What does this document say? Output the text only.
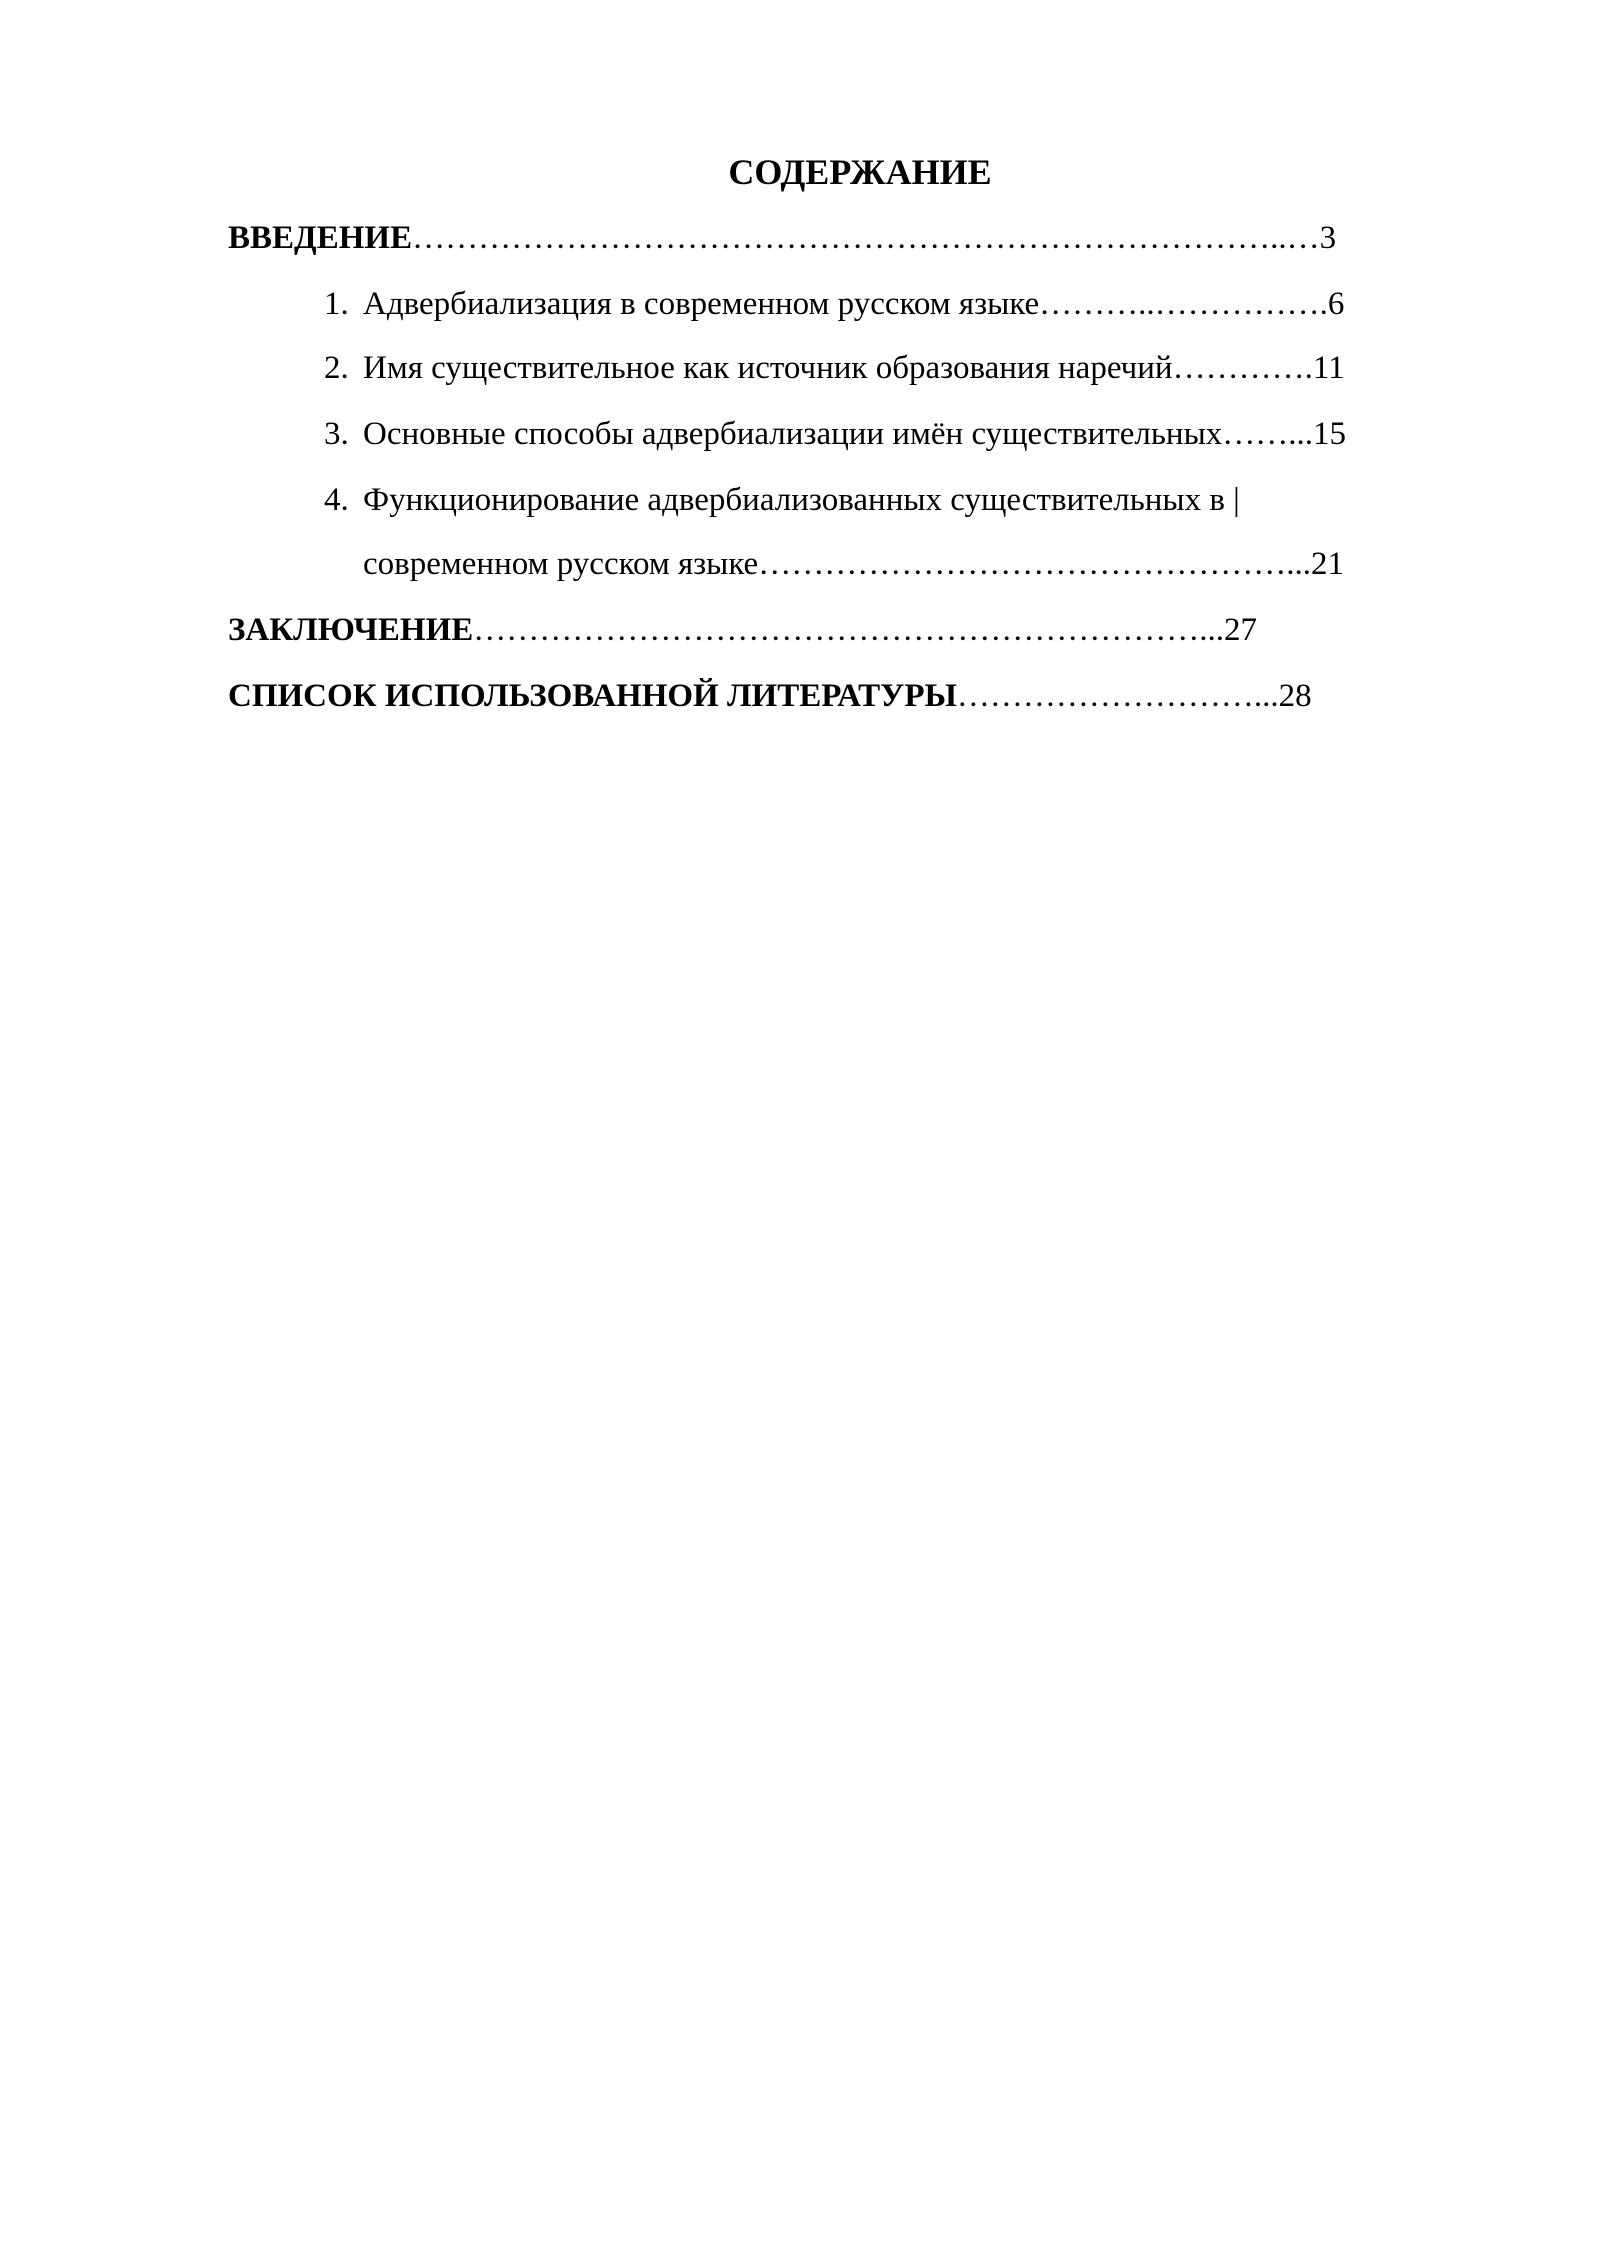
СОДЕРЖАНИЕ
ВВЕДЕНИЕ……………………………………………………………………..…3
1. Адвербиализация в современном русском языке………..…………….6
2. Имя существительное как источник образования наречий………….11
3. Основные способы адвербиализации имён существительных……...15
4. Функционирование адвербиализованных существительных в |
современном русском языке…………………………………………...21
ЗАКЛЮЧЕНИЕ…………………………………………………………...27
СПИСОК ИСПОЛЬЗОВАННОЙ ЛИТЕРАТУРЫ………………………...28
